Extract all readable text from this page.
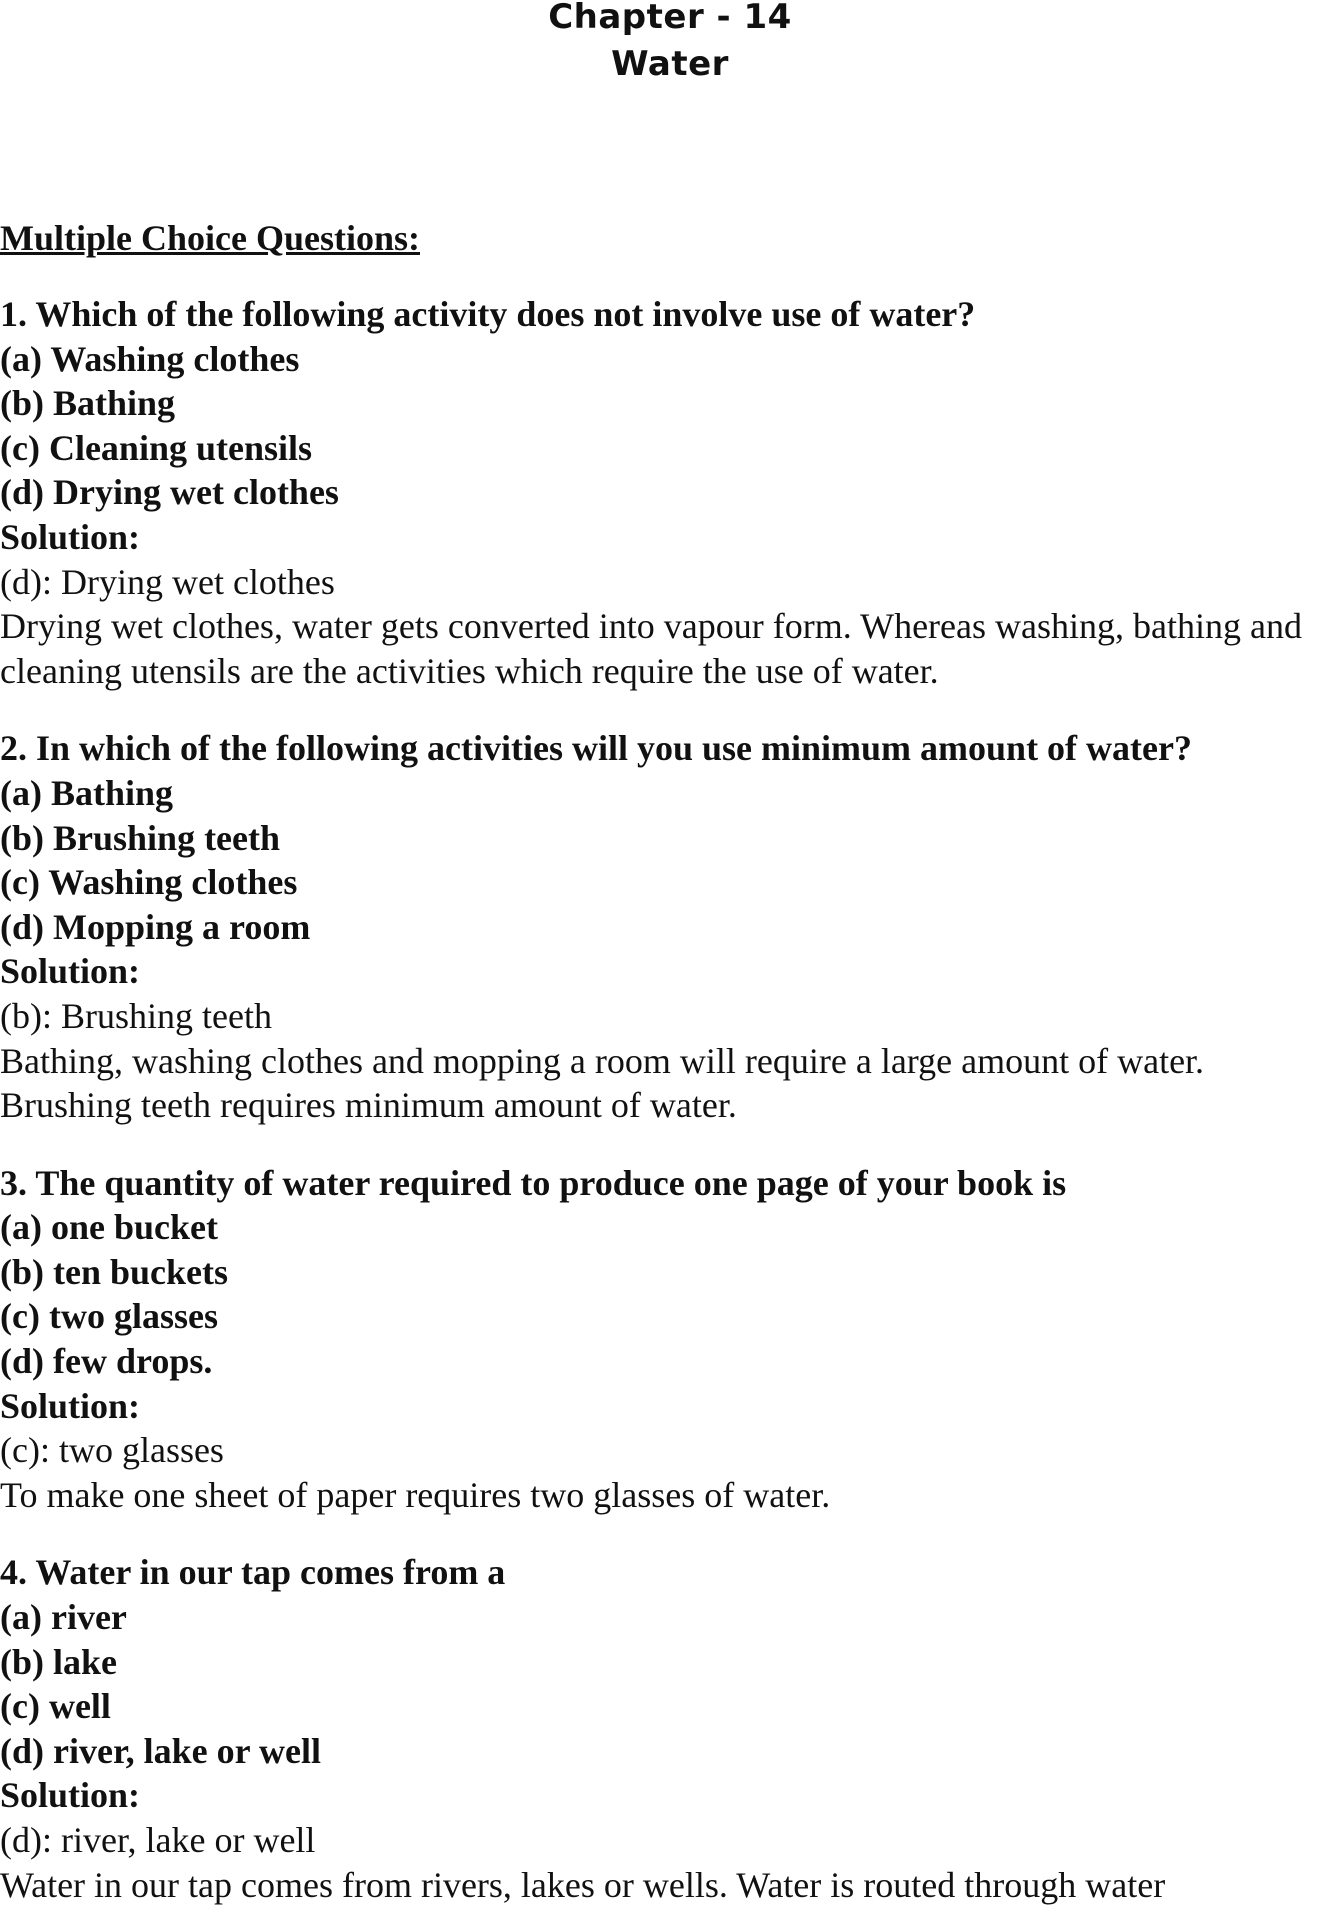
Chapter - 14
Water
Multiple Choice Questions:

1. Which of the following activity does not involve use of water?

(a) Washing clothes

(b) Bathing

(c) Cleaning utensils

(d) Drying wet clothes

Solution:

(d): Drying wet clothes

Drying wet clothes, water gets converted into vapour form. Whereas washing, bathing and cleaning utensils are the activities which require the use of water.

2. In which of the following activities will you use minimum amount of water?

(a) Bathing

(b) Brushing teeth

(c) Washing clothes

(d) Mopping a room

Solution:

(b): Brushing teeth

Bathing, washing clothes and mopping a room will require a large amount of water. Brushing teeth requires minimum amount of water.

3. The quantity of water required to produce one page of your book is

(a) one bucket

(b) ten buckets

(c) two glasses

(d) few drops.

Solution:

(c): two glasses

To make one sheet of paper requires two glasses of water.

4. Water in our tap comes from a

(a) river

(b) lake

(c) well

(d) river, lake or well

Solution:

(d): river, lake or well

Water in our tap comes from rivers, lakes or wells. Water is routed through water
